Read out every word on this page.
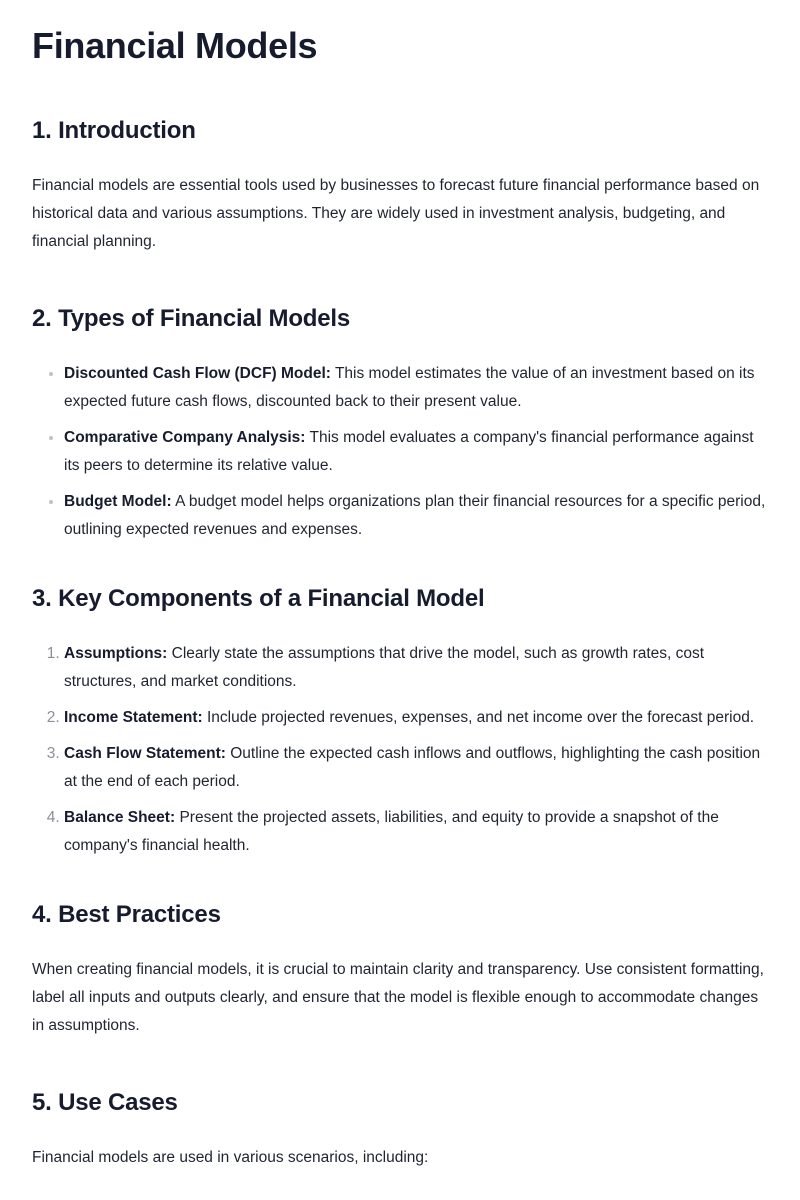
Financial Models
1. Introduction

Financial models are essential tools used by businesses to forecast future financial performance based on historical data and various assumptions. They are widely used in investment analysis, budgeting, and financial planning.

2. Types of Financial Models
• Discounted Cash Flow (DCF) Model: This model estimates the value of an investment based on its expected future cash flows, discounted back to their present value.
• Comparative Company Analysis: This model evaluates a company's financial performance against its peers to determine its relative value.
• Budget Model: A budget model helps organizations plan their financial resources for a specific period, outlining expected revenues and expenses.
3. Key Components of a Financial Model
1. Assumptions: Clearly state the assumptions that drive the model, such as growth rates, cost structures, and market conditions.
2. Income Statement: Include projected revenues, expenses, and net income over the forecast period.
3. Cash Flow Statement: Outline the expected cash inflows and outflows, highlighting the cash position at the end of each period.
4. Balance Sheet: Present the projected assets, liabilities, and equity to provide a snapshot of the company's financial health.
4. Best Practices

When creating financial models, it is crucial to maintain clarity and transparency. Use consistent formatting, label all inputs and outputs clearly, and ensure that the model is flexible enough to accommodate changes in assumptions.

5. Use Cases

Financial models are used in various scenarios, including:
